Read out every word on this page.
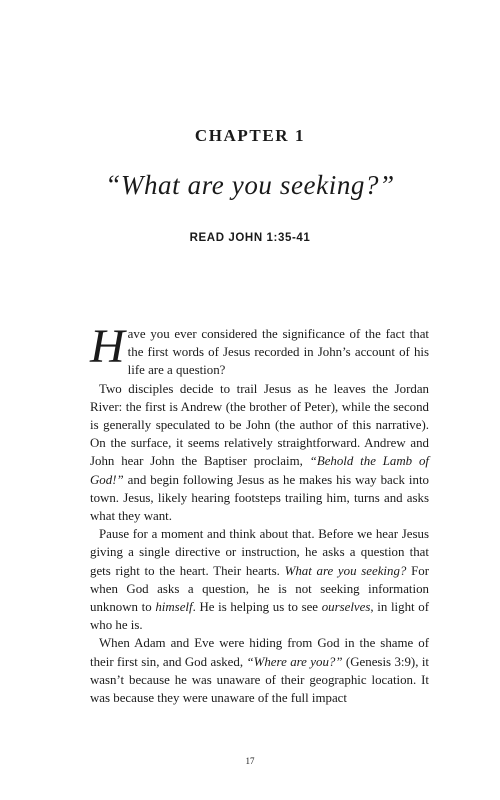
CHAPTER 1
“What are you seeking?”
READ JOHN 1:35-41

Have you ever considered the significance of the fact that the first words of Jesus recorded in John’s account of his life are a question?

Two disciples decide to trail Jesus as he leaves the Jordan River: the first is Andrew (the brother of Peter), while the second is generally speculated to be John (the author of this narrative). On the surface, it seems relatively straightforward. Andrew and John hear John the Baptiser proclaim, “Behold the Lamb of God!” and begin following Jesus as he makes his way back into town. Jesus, likely hearing footsteps trailing him, turns and asks what they want.

Pause for a moment and think about that. Before we hear Jesus giving a single directive or instruction, he asks a question that gets right to the heart. Their hearts. What are you seeking? For when God asks a question, he is not seeking information unknown to himself. He is helping us to see ourselves, in light of who he is.

When Adam and Eve were hiding from God in the shame of their first sin, and God asked, “Where are you?” (Genesis 3:9), it wasn’t because he was unaware of their geographic location. It was because they were unaware of the full impact

17
